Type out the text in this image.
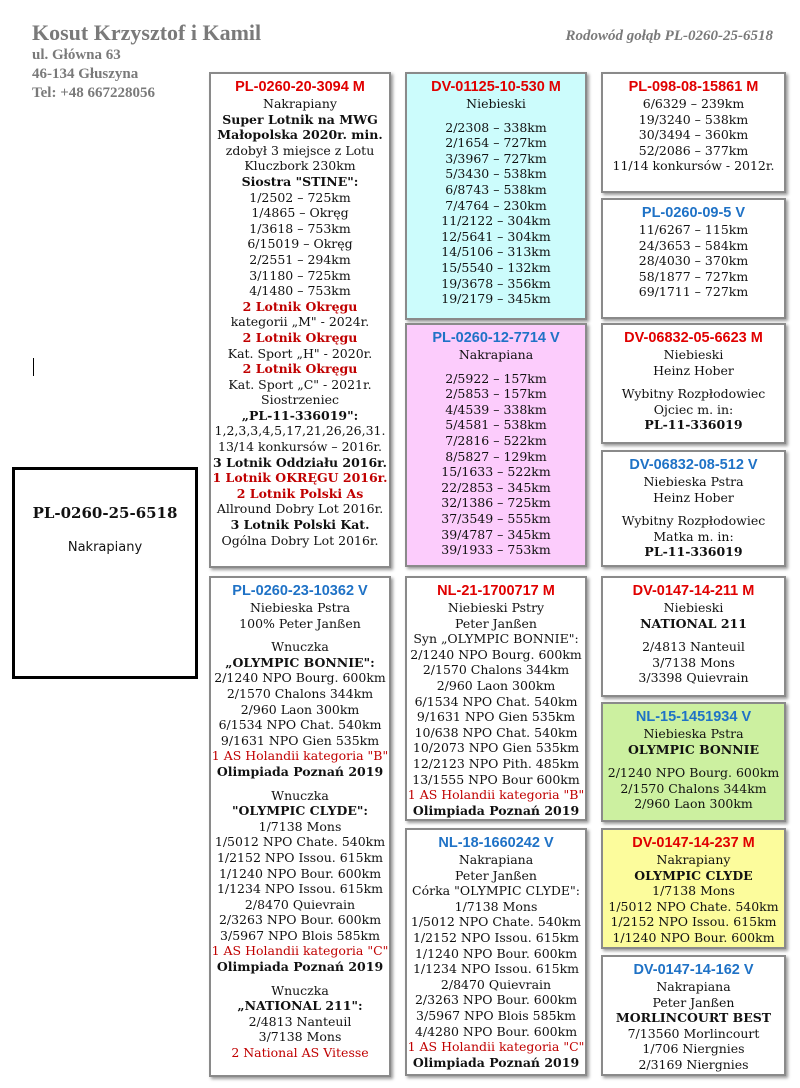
Kosut Krzysztof i Kamil
ul. Główna 63
46-134 Głuszyna
Tel: +48 667228056
Rodowód gołąb PL-0260-25-6518
PL-0260-25-6518
Nakrapiany
PL-0260-20-3094 M
Nakrapiany
Super Lotnik na MWG
Małopolska 2020r. min.
zdobył 3 miejsce z Lotu
Kluczbork 230km
Siostra "STINE":
1/2502 – 725km
1/4865 – Okręg
1/3618 – 753km
6/15019 – Okręg
2/2551 – 294km
3/1180 – 725km
4/1480 – 753km
2 Lotnik Okręgu
kategorii „M" - 2024r.
2 Lotnik Okręgu
Kat. Sport „H" - 2020r.
2 Lotnik Okręgu
Kat. Sport „C" - 2021r.
Siostrzeniec
„PL-11-336019":
1,2,3,3,4,5,17,21,26,26,31.
13/14 konkursów – 2016r.
3 Lotnik Oddziału 2016r.
1 Lotnik OKRĘGU 2016r.
2 Lotnik Polski As
Allround Dobry Lot 2016r.
3 Lotnik Polski Kat.
Ogólna Dobry Lot 2016r.
PL-0260-23-10362 V
Niebieska Pstra
100% Peter Janßen
Wnuczka
„OLYMPIC BONNIE":
2/1240 NPO Bourg. 600km
2/1570 Chalons 344km
2/960 Laon 300km
6/1534 NPO Chat. 540km
9/1631 NPO Gien 535km
1 AS Holandii kategoria "B"
Olimpiada Poznań 2019
Wnuczka
"OLYMPIC CLYDE":
1/7138 Mons
1/5012 NPO Chate. 540km
1/2152 NPO Issou. 615km
1/1240 NPO Bour. 600km
1/1234 NPO Issou. 615km
2/8470 Quievrain
2/3263 NPO Bour. 600km
3/5967 NPO Blois 585km
1 AS Holandii kategoria "C"
Olimpiada Poznań 2019
Wnuczka
„NATIONAL 211":
2/4813 Nanteuil
3/7138 Mons
2 National AS Vitesse
DV-01125-10-530 M
Niebieski
2/2308 – 338km
2/1654 – 727km
3/3967 – 727km
5/3430 – 538km
6/8743 – 538km
7/4764 – 230km
11/2122 – 304km
12/5641 – 304km
14/5106 – 313km
15/5540 – 132km
19/3678 – 356km
19/2179 – 345km
PL-0260-12-7714 V
Nakrapiana
2/5922 – 157km
2/5853 – 157km
4/4539 – 338km
5/4581 – 538km
7/2816 – 522km
8/5827 – 129km
15/1633 – 522km
22/2853 – 345km
32/1386 – 725km
37/3549 – 555km
39/4787 – 345km
39/1933 – 753km
NL-21-1700717 M
Niebieski Pstry
Peter Janßen
Syn „OLYMPIC BONNIE":
2/1240 NPO Bourg. 600km
2/1570 Chalons 344km
2/960 Laon 300km
6/1534 NPO Chat. 540km
9/1631 NPO Gien 535km
10/638 NPO Chat. 540km
10/2073 NPO Gien 535km
12/2123 NPO Pith. 485km
13/1555 NPO Bour 600km
1 AS Holandii kategoria "B"
Olimpiada Poznań 2019
NL-18-1660242 V
Nakrapiana
Peter Janßen
Córka "OLYMPIC CLYDE":
1/7138 Mons
1/5012 NPO Chate. 540km
1/2152 NPO Issou. 615km
1/1240 NPO Bour. 600km
1/1234 NPO Issou. 615km
2/8470 Quievrain
2/3263 NPO Bour. 600km
3/5967 NPO Blois 585km
4/4280 NPO Bour. 600km
1 AS Holandii kategoria "C"
Olimpiada Poznań 2019
PL-098-08-15861 M
6/6329 – 239km
19/3240 – 538km
30/3494 – 360km
52/2086 – 377km
11/14 konkursów - 2012r.
PL-0260-09-5 V
11/6267 – 115km
24/3653 – 584km
28/4030 – 370km
58/1877 – 727km
69/1711 – 727km
DV-06832-05-6623 M
Niebieski
Heinz Hober
Wybitny Rozpłodowiec
Ojciec m. in:
PL-11-336019
DV-06832-08-512 V
Niebieska Pstra
Heinz Hober
Wybitny Rozpłodowiec
Matka m. in:
PL-11-336019
DV-0147-14-211 M
Niebieski
NATIONAL 211
2/4813 Nanteuil
3/7138 Mons
3/3398 Quievrain
NL-15-1451934 V
Niebieska Pstra
OLYMPIC BONNIE
2/1240 NPO Bourg. 600km
2/1570 Chalons 344km
2/960 Laon 300km
DV-0147-14-237 M
Nakrapiany
OLYMPIC CLYDE
1/7138 Mons
1/5012 NPO Chate. 540km
1/2152 NPO Issou. 615km
1/1240 NPO Bour. 600km
DV-0147-14-162 V
Nakrapiana
Peter Janßen
MORLINCOURT BEST
7/13560 Morlincourt
1/706 Niergnies
2/3169 Niergnies
